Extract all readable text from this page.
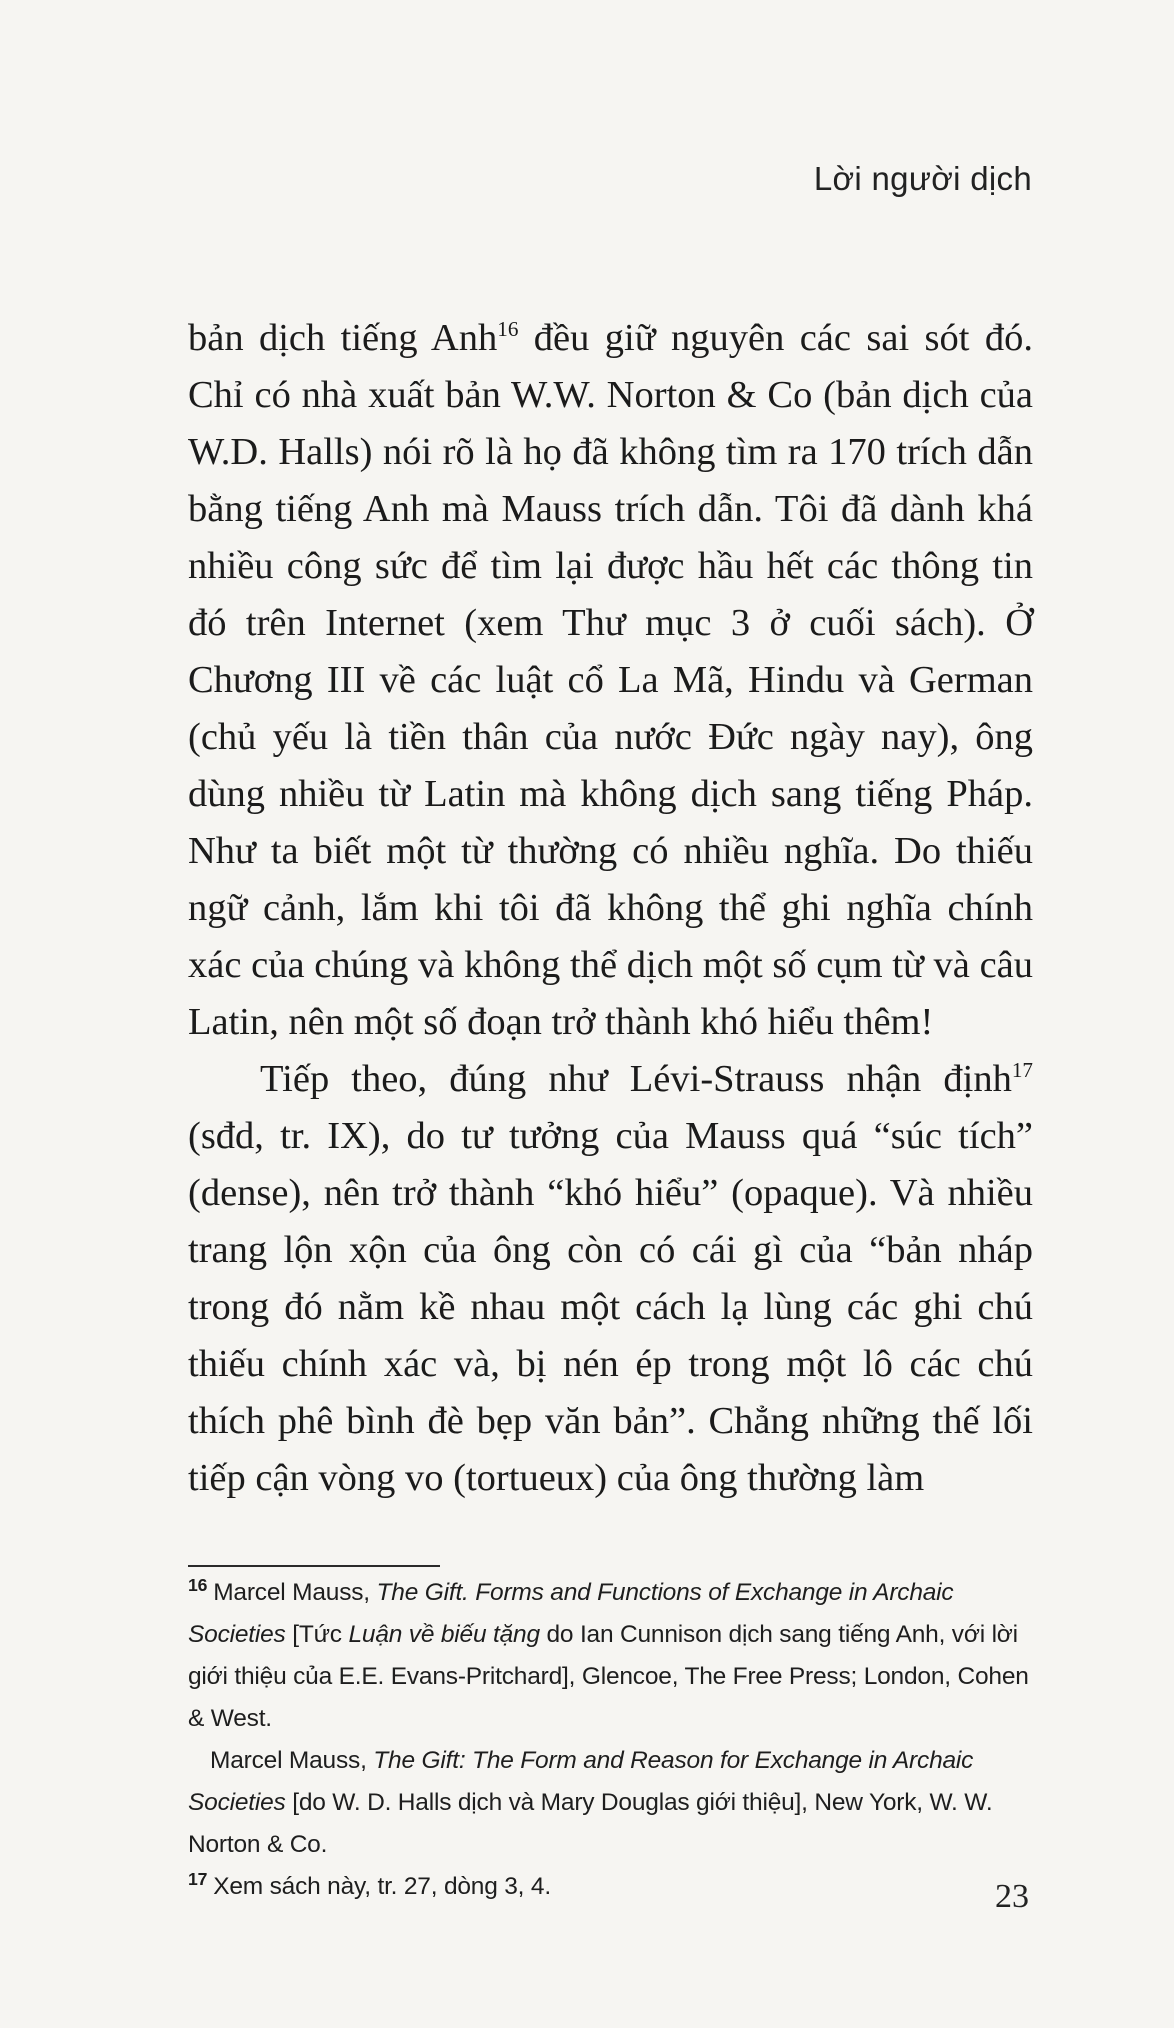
Lời người dịch

bản dịch tiếng Anh$^{16}$ đều giữ nguyên các sai sót đó. Chỉ có nhà xuất bản W.W. Norton & Co (bản dịch của W.D. Halls) nói rõ là họ đã không tìm ra 170 trích dẫn bằng tiếng Anh mà Mauss trích dẫn. Tôi đã dành khá nhiều công sức để tìm lại được hầu hết các thông tin đó trên Internet (xem Thư mục 3 ở cuối sách). Ở Chương III về các luật cổ La Mã, Hindu và German (chủ yếu là tiền thân của nước Đức ngày nay), ông dùng nhiều từ Latin mà không dịch sang tiếng Pháp. Như ta biết một từ thường có nhiều nghĩa. Do thiếu ngữ cảnh, lắm khi tôi đã không thể ghi nghĩa chính xác của chúng và không thể dịch một số cụm từ và câu Latin, nên một số đoạn trở thành khó hiểu thêm!

Tiếp theo, đúng như Lévi-Strauss nhận định$^{17}$ (sđd, tr. IX), do tư tưởng của Mauss quá “súc tích” (dense), nên trở thành “khó hiểu” (opaque). Và nhiều trang lộn xộn của ông còn có cái gì của “bản nháp trong đó nằm kề nhau một cách lạ lùng các ghi chú thiếu chính xác và, bị nén ép trong một lô các chú thích phê bình đè bẹp văn bản”. Chẳng những thế lối tiếp cận vòng vo (tortueux) của ông thường làm

$^{16}$ Marcel Mauss, The Gift. Forms and Functions of Exchange in Archaic Societies [Tức Luận về biếu tặng do Ian Cunnison dịch sang tiếng Anh, với lời giới thiệu của E.E. Evans-Pritchard], Glencoe, The Free Press; London, Cohen & West.

Marcel Mauss, The Gift: The Form and Reason for Exchange in Archaic Societies [do W. D. Halls dịch và Mary Douglas giới thiệu], New York, W. W. Norton & Co.

$^{17}$ Xem sách này, tr. 27, dòng 3, 4.	23
